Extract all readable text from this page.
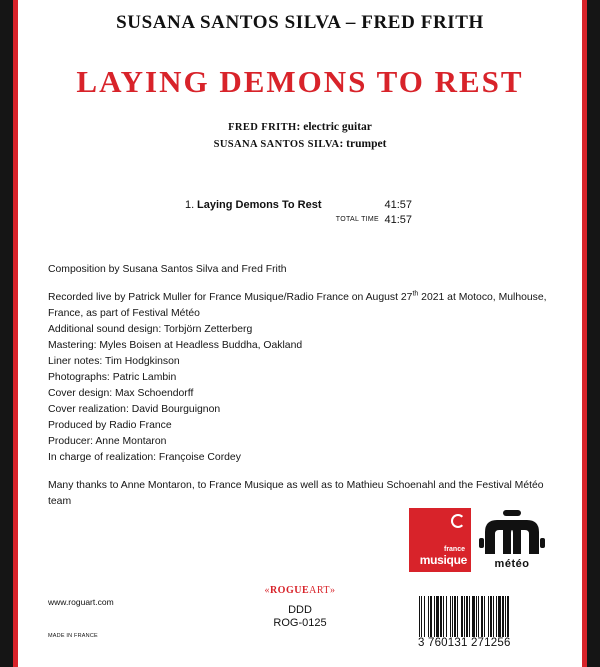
SUSANA SANTOS SILVA – FRED FRITH
LAYING DEMONS TO REST
FRED FRITH: electric guitar
SUSANA SANTOS SILVA: trumpet
1. Laying Demons To Rest	41:57
TOTAL TIME 41:57

Composition by Susana Santos Silva and Fred Frith

Recorded live by Patrick Muller for France Musique/Radio France on August 27th 2021 at Motoco, Mulhouse, France, as part of Festival Météo

Additional sound design: Torbjörn Zetterberg

Mastering: Myles Boisen at Headless Buddha, Oakland

Liner notes: Tim Hodgkinson

Photographs: Patric Lambin

Cover design: Max Schoendorff

Cover realization: David Bourguignon

Produced by Radio France

Producer: Anne Montaron

In charge of realization: Françoise Cordey

Many thanks to Anne Montaron, to France Musique as well as to Mathieu Schoenahl and the Festival Météo team

france
musique	météo
«ROGUEART»
www.roguart.com
MADE IN FRANCE
DDD
ROG-0125
3 760131 271256
